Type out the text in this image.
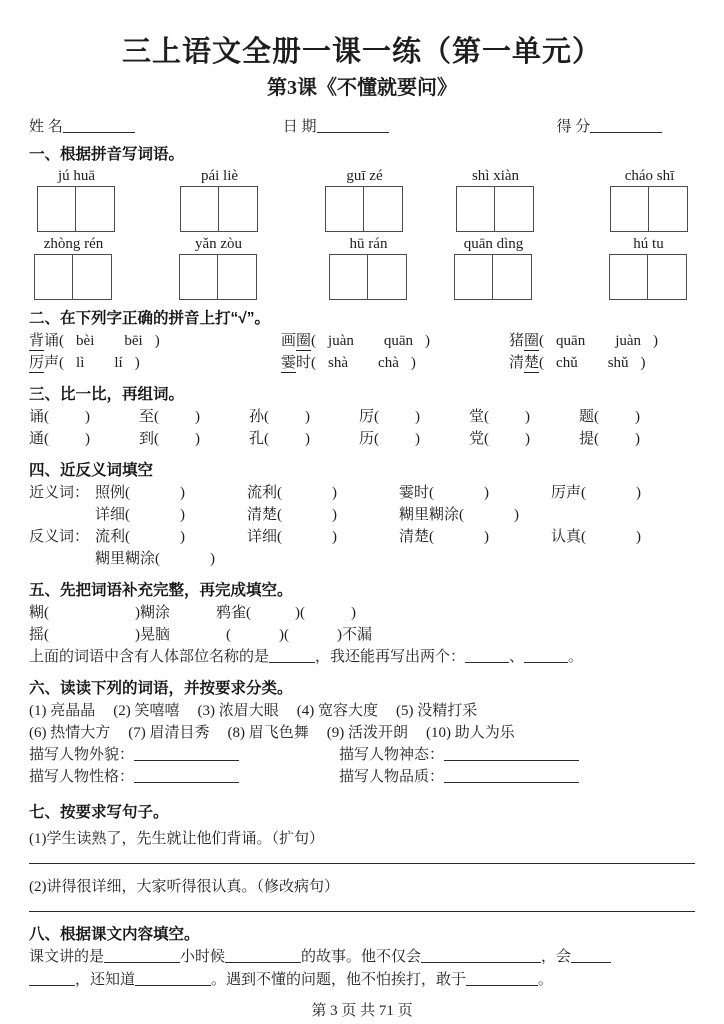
三上语文全册一课一练（第一单元）
第3课《不懂就要问》
姓 名	日 期	得 分
一、根据拼音写词语。
jú huā	pái liè	guī zé	shì xiàn	cháo shī
zhòng rén	yǎn zòu	hū rán	quān dìng	hú tu
二、在下列字正确的拼音上打“√”。
背诵( bèi bēi )	画圈( juàn quān )	猪圈( quān juàn )
厉声( lì lí )	霎时( shà chà )	清楚( chǔ shǔ )
三、比一比，再组词。
诵( )	至( )	孙( )	厉( )	堂( )	题( )
通( )	到( )	孔( )	历( )	党( )	提( )
四、近反义词填空
近义词： 照例(	)	流利(	)	霎时(	)	厉声(	)
详细(	)	清楚(	)	糊里糊涂(	)
反义词： 流利(	)	详细(	)	清楚(	)	认真(	)
糊里糊涂(	)
五、先把词语补充完整，再完成填空。
糊(	)糊涂	鸦雀(	)(	)
摇(	)晃脑	(	)(	)不漏
上面的词语中含有人体部位名称的是	，我还能再写出两个：	、	。
六、读读下列的词语，并按要求分类。
(1) 亮晶晶 (2) 笑嘻嘻 (3) 浓眉大眼 (4) 宽容大度 (5) 没精打采
(6) 热情大方 (7) 眉清目秀 (8) 眉飞色舞 (9) 活泼开朗 (10) 助人为乐
描写人物外貌：	描写人物神态：
描写人物性格：	描写人物品质：
七、按要求写句子。
(1)学生读熟了，先生就让他们背诵。（扩句）
(2)讲得很详细，大家听得很认真。（修改病句）
八、根据课文内容填空。
课文讲的是	小时候	的故事。他不仅会	，会
，还知道	。遇到不懂的问题，他不怕挨打，敢于	。
第 3 页 共 71 页
